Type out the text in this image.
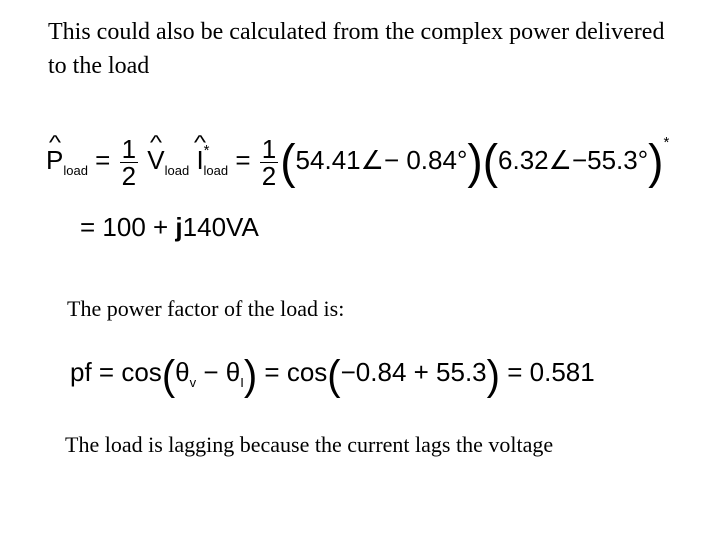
This could also be calculated from the complex power delivered to the load
^ $P_{load} = \frac{1}{2}$ ^ $V_{load}$ ^ $I^*_{load} = \frac{1}{2}$ (54.41∠− 0.84°)(6.32∠−55.3°)*
= 100 + j140VA
The power factor of the load is:
pf = $\cos(\theta_v - \theta_I) = \cos(-0.84 + 55.3) = 0.581$
The load is lagging because the current lags the voltage
